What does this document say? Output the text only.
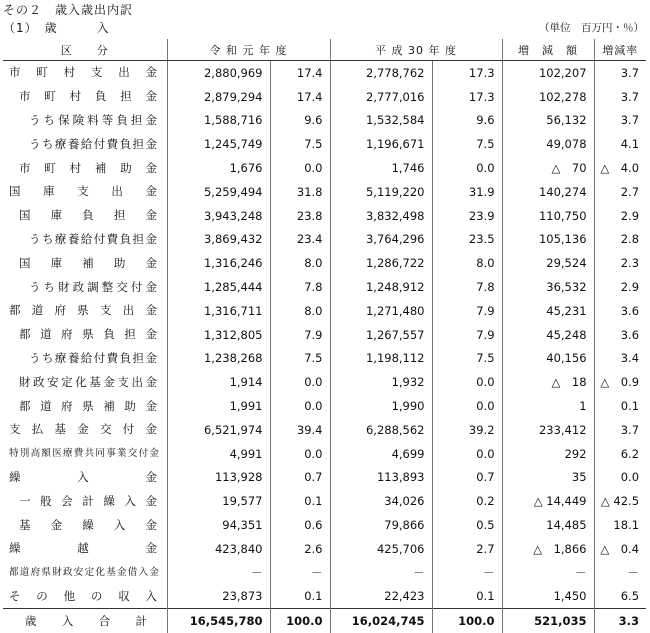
その２　歳入歳出内訳
（1）　歳　　　入	（単位　百万円・％）
区　　分	令 和 元 年 度		平 成 30 年 度		増　減　額	増減率
市町村支出金	2,880,969	17.4	2,778,762	17.3	102,207	3.7
市町村負担金	2,879,294	17.4	2,777,016	17.3	102,278	3.7
うち保険料等負担金	1,588,716	9.6	1,532,584	9.6	56,132	3.7
うち療養給付費負担金	1,245,749	7.5	1,196,671	7.5	49,078	4.1
市町村補助金	1,676	0.0	1,746	0.0	△　70	△　4.0
国庫支出金	5,259,494	31.8	5,119,220	31.9	140,274	2.7
国庫負担金	3,943,248	23.8	3,832,498	23.9	110,750	2.9
うち療養給付費負担金	3,869,432	23.4	3,764,296	23.5	105,136	2.8
国庫補助金	1,316,246	8.0	1,286,722	8.0	29,524	2.3
うち財政調整交付金	1,285,444	7.8	1,248,912	7.8	36,532	2.9
都道府県支出金	1,316,711	8.0	1,271,480	7.9	45,231	3.6
都道府県負担金	1,312,805	7.9	1,267,557	7.9	45,248	3.6
うち療養給付費負担金	1,238,268	7.5	1,198,112	7.5	40,156	3.4
財政安定化基金支出金	1,914	0.0	1,932	0.0	△　18	△　0.9
都道府県補助金	1,991	0.0	1,990	0.0	1	0.1
支払基金交付金	6,521,974	39.4	6,288,562	39.2	233,412	3.7
特別高額医療費共同事業交付金	4,991	0.0	4,699	0.0	292	6.2
繰入金	113,928	0.7	113,893	0.7	35	0.0
一般会計繰入金	19,577	0.1	34,026	0.2	△ 14,449	△ 42.5
基金繰入金	94,351	0.6	79,866	0.5	14,485	18.1
繰越金	423,840	2.6	425,706	2.7	△　1,866	△　0.4
都道府県財政安定化基金借入金	－	－	－	－	－	－
その他の収入	23,873	0.1	22,423	0.1	1,450	6.5
歳入合計	16,545,780	100.0	16,024,745	100.0	521,035	3.3
